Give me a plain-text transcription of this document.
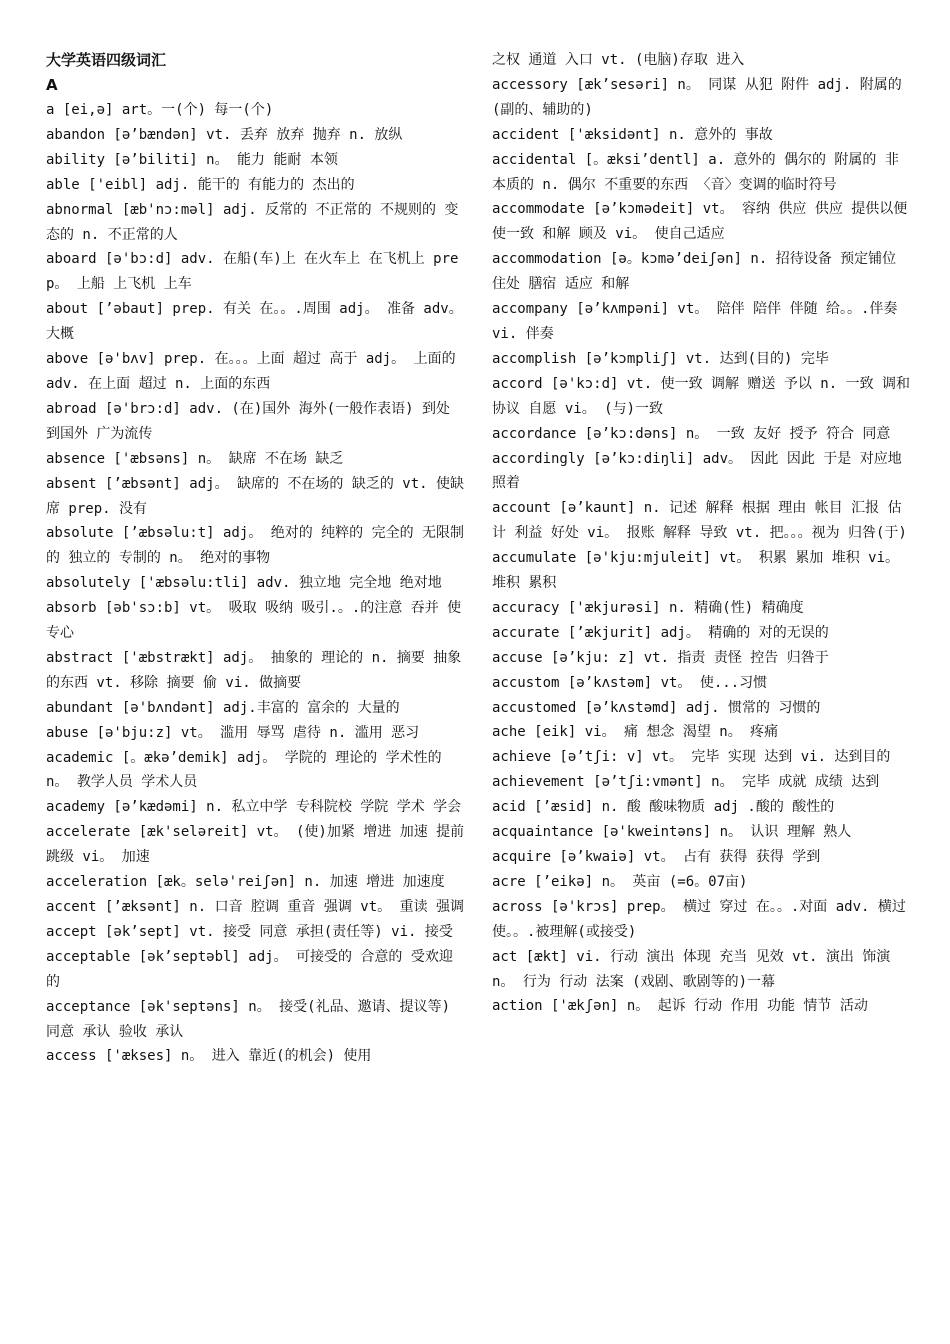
大学英语四级词汇
A
a [ei,ə] art。一(个) 每一(个)
abandon [ə’bændən] vt. 丢弃 放弃 抛弃 n. 放纵
ability [ə’biliti] n。 能力 能耐 本领
able ['eibl] adj. 能干的 有能力的 杰出的
abnormal [æb'nɔ:məl] adj. 反常的 不正常的 不规则的 变态的 n. 不正常的人
aboard [ə'bɔ:d] adv. 在船(车)上 在火车上 在飞机上 prep。 上船 上飞机 上车
about [’əbaut] prep. 有关 在。。.周围 adj。 准备 adv。 大概
above [ə'bʌv] prep. 在。。。上面 超过 高于 adj。 上面的 adv. 在上面 超过 n. 上面的东西
abroad [ə'brɔ:d] adv. (在)国外 海外(一般作表语) 到处 到国外 广为流传
absence ['æbsəns] n。 缺席 不在场 缺乏
absent [’æbsənt] adj。 缺席的 不在场的 缺乏的 vt. 使缺席 prep. 没有
absolute [’æbsəlu:t] adj。 绝对的 纯粹的 完全的 无限制的 独立的 专制的 n。 绝对的事物
absolutely ['æbsəlu:tli] adv. 独立地 完全地 绝对地
absorb [əb'sɔ:b] vt。 吸取 吸纳 吸引.。.的注意 吞并 使专心
abstract ['æbstrækt] adj。 抽象的 理论的 n. 摘要 抽象的东西 vt. 移除 摘要 偷 vi. 做摘要
abundant [ə'bʌndənt] adj.丰富的 富余的 大量的
abuse [ə'bju:z] vt。 滥用 辱骂 虐待 n. 滥用 恶习
academic [。ækə’demik] adj。 学院的 理论的 学术性的 n。 教学人员 学术人员
academy [ə’kædəmi] n. 私立中学 专科院校 学院 学术 学会
accelerate [æk'seləreit] vt。 (使)加紧 增进 加速 提前 跳级 vi。 加速
acceleration [æk。selə'reiʃən] n. 加速 增进 加速度
accent [’æksənt] n. 口音 腔调 重音 强调 vt。 重读 强调
accept [ək’sept] vt. 接受 同意 承担(责任等) vi. 接受
acceptable [ək’septəbl] adj。 可接受的 合意的 受欢迎的
acceptance [ək'septəns] n。 接受(礼品、邀请、提议等) 同意 承认 验收 承认
access ['ækses] n。 进入 靠近(的机会) 使用
之权 通道 入口 vt. (电脑)存取 进入
accessory [æk’sesəri] n。 同谋 从犯 附件 adj. 附属的(副的、辅助的)
accident ['æksidənt] n. 意外的 事故
accidental [。æksi’dentl] a. 意外的 偶尔的 附属的 非本质的 n. 偶尔 不重要的东西 〈音〉变调的临时符号
accommodate [ə’kɔmədeit] vt。 容纳 供应 供应 提供以便 使一致 和解 顾及 vi。 使自己适应
accommodation [ə。kɔmə’deiʃən] n. 招待设备 预定铺位 住处 膳宿 适应 和解
accompany [ə’kʌmpəni] vt。 陪伴 陪伴 伴随 给。。.伴奏 vi. 伴奏
accomplish [ə’kɔmpliʃ] vt. 达到(目的) 完毕
accord [ə'kɔ:d] vt. 使一致 调解 赠送 予以 n. 一致 调和 协议 自愿 vi。 (与)一致
accordance [ə’kɔ:dəns] n。 一致 友好 授予 符合 同意
accordingly [ə’kɔ:diŋli] adv。 因此 因此 于是 对应地 照着
account [ə’kaunt] n. 记述 解释 根据 理由 帐目 汇报 估计 利益 好处 vi。 报账 解释 导致 vt. 把。。。视为 归咎(于)
accumulate [ə'kju:mjuleit] vt。 积累 累加 堆积 vi。 堆积 累积
accuracy ['ækjurəsi] n. 精确(性) 精确度
accurate [’ækjurit] adj。 精确的 对的无误的
accuse [ə’kju: z] vt. 指责 责怪 控告 归咎于
accustom [ə’kʌstəm] vt。 使...习惯
accustomed [ə’kʌstəmd] adj. 惯常的 习惯的
ache [eik] vi。 痛 想念 渴望 n。 疼痛
achieve [ə’tʃi: v] vt。 完毕 实现 达到 vi. 达到目的
achievement [ə’tʃi:vmənt] n。 完毕 成就 成绩 达到
acid [’æsid] n. 酸 酸味物质 adj .酸的 酸性的
acquaintance [ə'kweintəns] n。 认识 理解 熟人
acquire [ə’kwaiə] vt。 占有 获得 获得 学到
acre [’eikə] n。 英亩 (=6。07亩)
across [ə'krɔs] prep。 横过 穿过 在。。.对面 adv. 横过 使。。.被理解(或接受)
act [ækt] vi. 行动 演出 体现 充当 见效 vt. 演出 饰演 n。 行为 行动 法案 (戏剧、歌剧等的)一幕
action ['ækʃən] n。 起诉 行动 作用 功能 情节 活动
